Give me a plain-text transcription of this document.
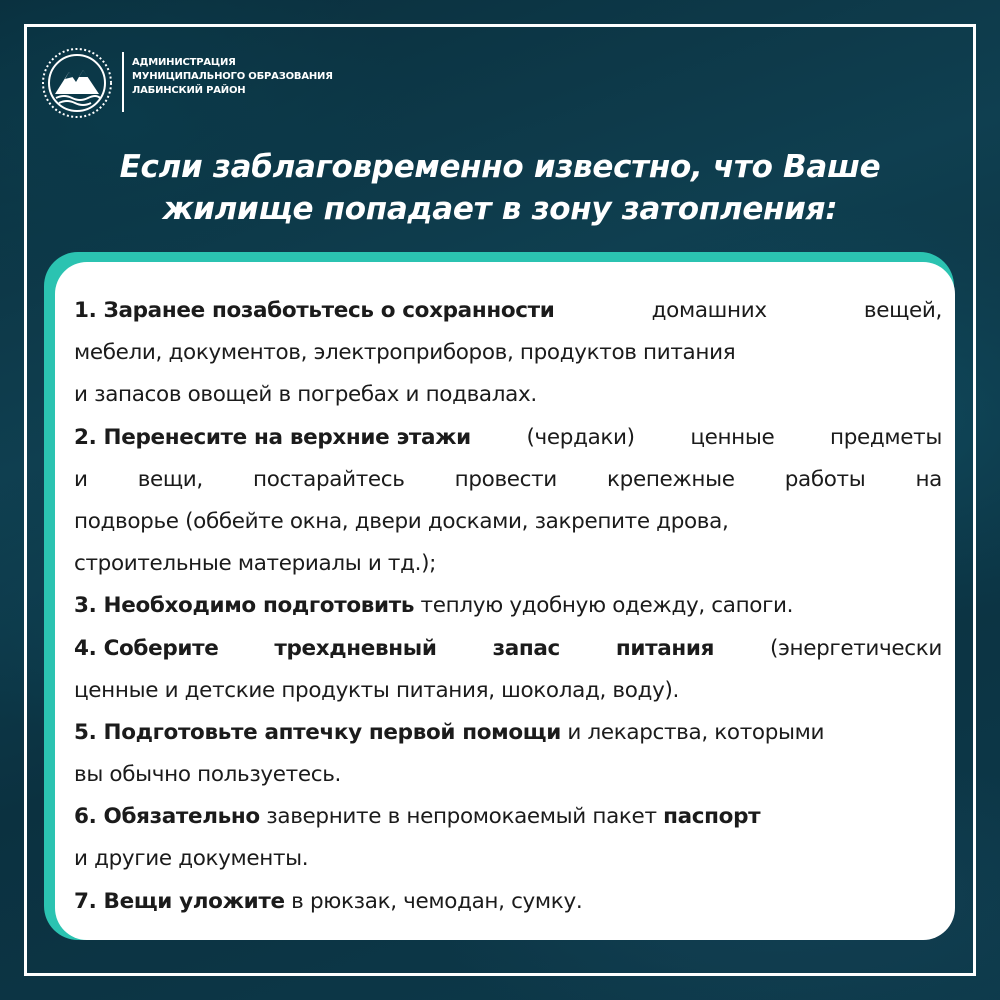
АДМИНИСТРАЦИЯ
МУНИЦИПАЛЬНОГО ОБРАЗОВАНИЯ
ЛАБИНСКИЙ РАЙОН
Если заблаговременно известно, что Ваше
жилище попадает в зону затопления:
1. Заранее позаботьтесь о сохранности	домашних	вещей,
мебели, документов, электроприборов, продуктов питания
и запасов овощей в погребах и подвалах.
2. Перенесите на верхние этажи	(чердаки)	ценные	предметы
и вещи, постарайтесь провести крепежные работы на
подворье (оббейте окна, двери досками, закрепите дрова,
строительные материалы и тд.);
3. Необходимо подготовить теплую удобную одежду, сапоги.
4. Соберите	трехдневный	запас	питания	(энергетически
ценные и детские продукты питания, шоколад, воду).
5. Подготовьте аптечку первой помощи и лекарства, которыми
вы обычно пользуетесь.
6. Обязательно заверните в непромокаемый пакет паспорт
и другие документы.
7. Вещи уложите в рюкзак, чемодан, сумку.
